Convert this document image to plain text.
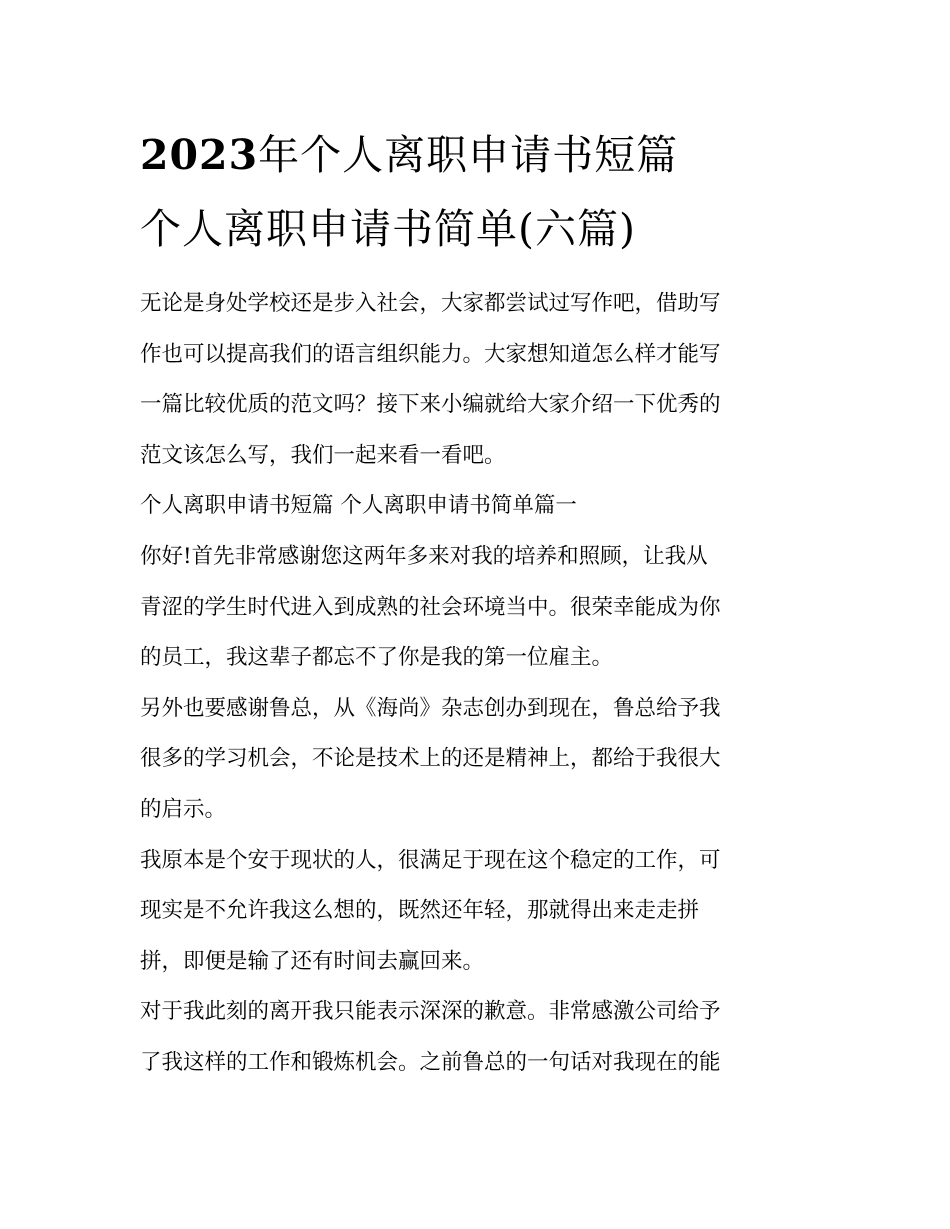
2023年个人离职申请书短篇
个人离职申请书简单(六篇)

无论是身处学校还是步入社会，大家都尝试过写作吧，借助写
作也可以提高我们的语言组织能力。大家想知道怎么样才能写
一篇比较优质的范文吗？接下来小编就给大家介绍一下优秀的
范文该怎么写，我们一起来看一看吧。

个人离职申请书短篇 个人离职申请书简单篇一

你好!首先非常感谢您这两年多来对我的培养和照顾，让我从
青涩的学生时代进入到成熟的社会环境当中。很荣幸能成为你
的员工，我这辈子都忘不了你是我的第一位雇主。

另外也要感谢鲁总，从《海尚》杂志创办到现在，鲁总给予我
很多的学习机会，不论是技术上的还是精神上，都给于我很大
的启示。

我原本是个安于现状的人，很满足于现在这个稳定的工作，可
现实是不允许我这么想的，既然还年轻，那就得出来走走拼
拼，即便是输了还有时间去赢回来。

对于我此刻的离开我只能表示深深的歉意。非常感激公司给予
了我这样的工作和锻炼机会。之前鲁总的一句话对我现在的能
